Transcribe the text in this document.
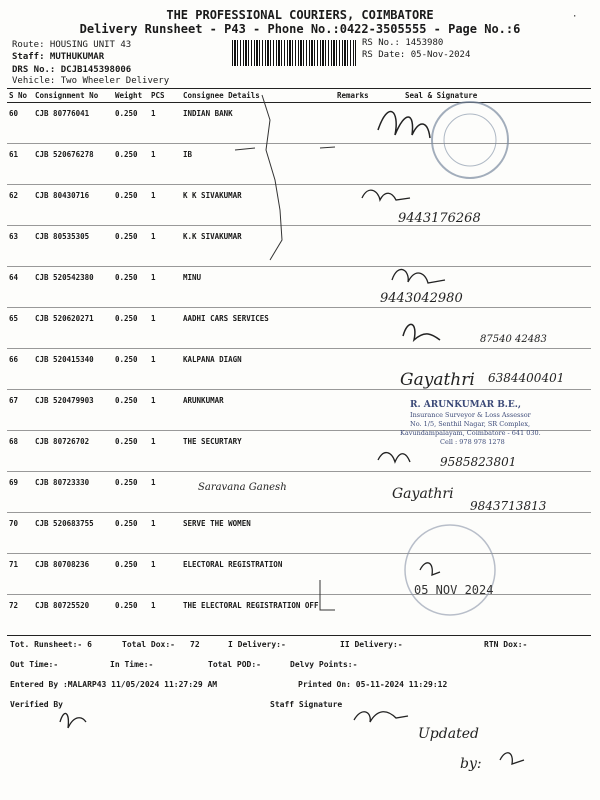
THE PROFESSIONAL COURIERS, COIMBATORE
Delivery Runsheet - P43 - Phone No.:0422-3505555 - Page No.:6
Route: HOUSING UNIT 43
Staff: MUTHUKUMAR
DRS No.: DCJB145398006
Vehicle: Two Wheeler Delivery
RS No.: 1453980
RS Date: 05-Nov-2024
·
S No	Consignment No	Weight	PCS	Consignee Details	Remarks	Seal & Signature
60	CJB 80776041	0.250	1	INDIAN BANK		
61	CJB 520676278	0.250	1	IB		
62	CJB 80430716	0.250	1	K K SIVAKUMAR		
63	CJB 80535305	0.250	1	K.K SIVAKUMAR		
64	CJB 520542380	0.250	1	MINU		
65	CJB 520620271	0.250	1	AADHI CARS SERVICES		
66	CJB 520415340	0.250	1	KALPANA DIAGN		
67	CJB 520479903	0.250	1	ARUNKUMAR		
68	CJB 80726702	0.250	1	THE SECURTARY		
69	CJB 80723330	0.250	1			
70	CJB 520683755	0.250	1	SERVE THE WOMEN		
71	CJB 80708236	0.250	1	ELECTORAL REGISTRATION		
72	CJB 80725520	0.250	1	THE ELECTORAL REGISTRATION OFF		
9443176268
9443042980
87540 42483
Gayathri 6384400401
R. ARUNKUMAR B.E.,
Insurance Surveyor & Loss Assessor
No. 1/5, Senthil Nagar, SR Complex,
Kavundampalayam, Coimbatore - 641 030.
Cell : 978 978 1278
9585823801
Saravana Ganesh	Gayathri
9843713813
05 NOV 2024
Updated
by:
Tot. Runsheet:- 6	Total Dox:- 72	I Delivery:-	II Delivery:-	RTN Dox:-
Out Time:-	In Time:-	Total POD:-	Delvy Points:-
Entered By :MALARP43 11/05/2024 11:27:29 AM	Printed On: 05-11-2024 11:29:12
Verified By	Staff Signature
